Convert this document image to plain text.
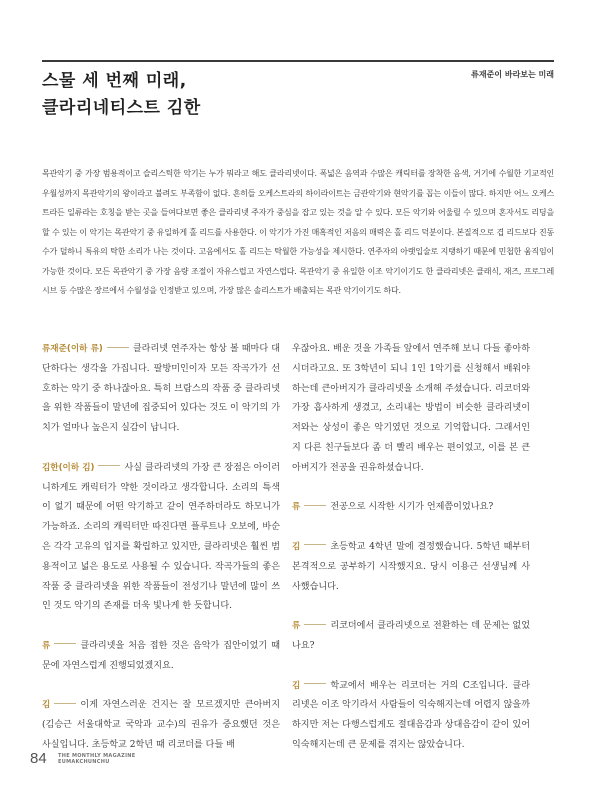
스물 세 번째 미래,
클라리네티스트 김한
류재준이 바라보는 미래
목관악기 중 가장 범용적이고 슬리스틱한 악기는 누가 뭐라고 해도 클라리넷이다. 폭넓은 음역과 수많은 캐릭터를 장착한 음색, 거기에 수월한 기교적인 우월성까지 목관악기의 왕이라고 불려도 부족함이 없다. 흔히들 오케스트라의 하이라이트는 금관악기와 현악기를 꼽는 이들이 많다. 하지만 어느 오케스트라든 일류라는 호칭을 받는 곳을 들여다보면 좋은 클라리넷 주자가 중심을 잡고 있는 것을 알 수 있다. 모든 악기와 어울릴 수 있으며 혼자서도 리딩을 할 수 있는 이 악기는 목관악기 중 유일하게 홀 리드를 사용한다. 이 악기가 가진 매혹적인 저음의 매력은 홀 리드 덕분이다. 본질적으로 겹 리드보다 진동수가 덜하니 특유의 탁한 소리가 나는 것이다. 고음에서도 홀 리드는 탁월한 가능성을 제시한다. 연주자의 아랫입술로 지탱하기 때문에 민첩한 움직임이 가능한 것이다. 모든 목관악기 중 가장 음량 조절이 자유스럽고 자연스럽다. 목관악기 중 유일한 이조 악기이기도 한 클라리넷은 클래식, 재즈, 프로그레시브 등 수많은 장르에서 수월성을 인정받고 있으며, 가장 많은 솔리스트가 배출되는 목관 악기이기도 하다.

류재준(이하 류)	클라리넷 연주자는 항상 볼 때마다 대단하다는 생각을 가집니다. 팔방미인이자 모든 작곡가가 선호하는 악기 중 하나잖아요. 특히 브람스의 작품 중 클라리넷을 위한 작품들이 말년에 집중되어 있다는 것도 이 악기의 가치가 얼마나 높은지 실감이 납니다.

김한(이하 김)	사실 클라리넷의 가장 큰 장점은 아이러니하게도 캐릭터가 약한 것이라고 생각합니다. 소리의 특색이 없기 때문에 어떤 악기하고 같이 연주하더라도 하모니가 가능하죠. 소리의 캐릭터만 따진다면 플루트나 오보에, 바순은 각각 고유의 입지를 확립하고 있지만, 클라리넷은 훨씬 범용적이고 넓은 용도로 사용될 수 있습니다. 작곡가들의 좋은 작품 중 클라리넷을 위한 작품들이 전성기나 말년에 많이 쓰인 것도 악기의 존재를 더욱 빛나게 한 듯합니다.

류	클라리넷을 처음 접한 것은 음악가 집안이었기 때문에 자연스럽게 진행되었겠지요.

김	이게 자연스러운 건지는 잘 모르겠지만 큰아버지(김승근 서울대학교 국악과 교수)의 권유가 중요했던 것은 사실입니다. 초등학교 2학년 때 리코더를 다들 배

우잖아요. 배운 것을 가족들 앞에서 연주해 보니 다들 좋아하시더라고요. 또 3학년이 되니 1인 1악기를 신청해서 배워야 하는데 큰아버지가 클라리넷을 소개해 주셨습니다. 리코더와 가장 흡사하게 생겼고, 소리내는 방법이 비슷한 클라리넷이 저와는 상성이 좋은 악기였던 것으로 기억합니다. 그래서인지 다른 친구들보다 좀 더 빨리 배우는 편이었고, 이를 본 큰아버지가 전공을 권유하셨습니다.

류	전공으로 시작한 시기가 언제쯤이었나요?

김	초등학교 4학년 말에 결정했습니다. 5학년 때부터 본격적으로 공부하기 시작했지요. 당시 이용근 선생님께 사사했습니다.

류	리코더에서 클라리넷으로 전환하는 데 문제는 없었나요?

김	학교에서 배우는 리코더는 거의 C조입니다. 클라리넷은 이조 악기라서 사람들이 익숙해지는데 어렵지 않을까 하지만 저는 다행스럽게도 절대음감과 상대음감이 같이 있어 익숙해지는데 큰 문제를 겪지는 않았습니다.

84 THE MONTHLY MAGAZINE
EUMAKCHUNCHU
